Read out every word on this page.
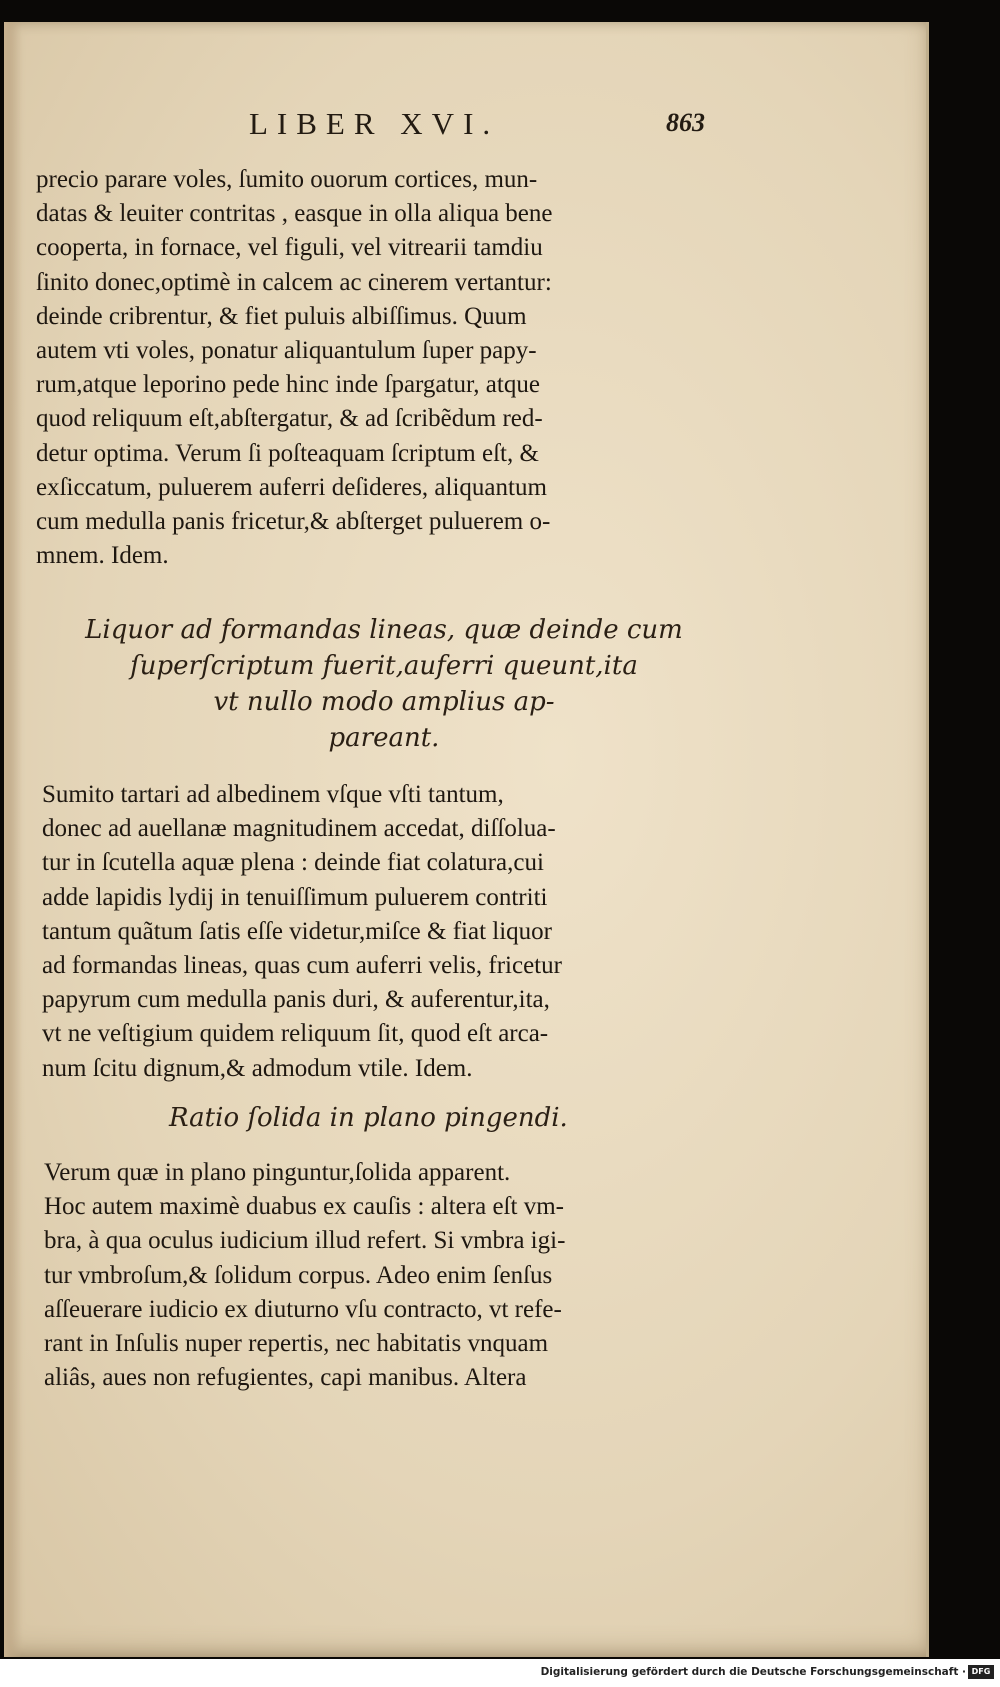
LIBER XVI.	863
precio parare voles, ſumito ouorum cortices, mun-
datas & leuiter contritas , easque in olla aliqua bene
cooperta, in fornace, vel figuli, vel vitrearii tamdiu
ſinito donec,optimè in calcem ac cinerem vertantur:
deinde cribrentur, & fiet puluis albiſſimus. Quum
autem vti voles, ponatur aliquantulum ſuper papy-
rum,atque leporino pede hinc inde ſpargatur, atque
quod reliquum eſt,abſtergatur, & ad ſcribẽdum red-
detur optima. Verum ſi poſteaquam ſcriptum eſt, &
exſiccatum, puluerem auferri deſideres, aliquantum
cum medulla panis fricetur,& abſterget puluerem o-
mnem. Idem.
Liquor ad formandas lineas, quæ deinde cum
ſuperſcriptum fuerit,auferri queunt,ita
vt nullo modo amplius ap-
pareant.
Sumito tartari ad albedinem vſque vſti tantum,
donec ad auellanæ magnitudinem accedat, diſſolua-
tur in ſcutella aquæ plena : deinde fiat colatura,cui
adde lapidis lydij in tenuiſſimum puluerem contriti
tantum quãtum ſatis eſſe videtur,miſce & fiat liquor
ad formandas lineas, quas cum auferri velis, fricetur
papyrum cum medulla panis duri, & auferentur,ita,
vt ne veſtigium quidem reliquum ſit, quod eſt arca-
num ſcitu dignum,& admodum vtile. Idem.
Ratio ſolida in plano pingendi.
Verum quæ in plano pinguntur,ſolida apparent.
Hoc autem maximè duabus ex cauſis : altera eſt vm-
bra, à qua oculus iudicium illud refert. Si vmbra igi-
tur vmbroſum,& ſolidum corpus. Adeo enim ſenſus
aſſeuerare iudicio ex diuturno vſu contracto, vt refe-
rant in Inſulis nuper repertis, nec habitatis vnquam
aliâs, aues non refugientes, capi manibus. Altera
Digitalisierung gefördert durch die Deutsche Forschungsgemeinschaft · DFG
